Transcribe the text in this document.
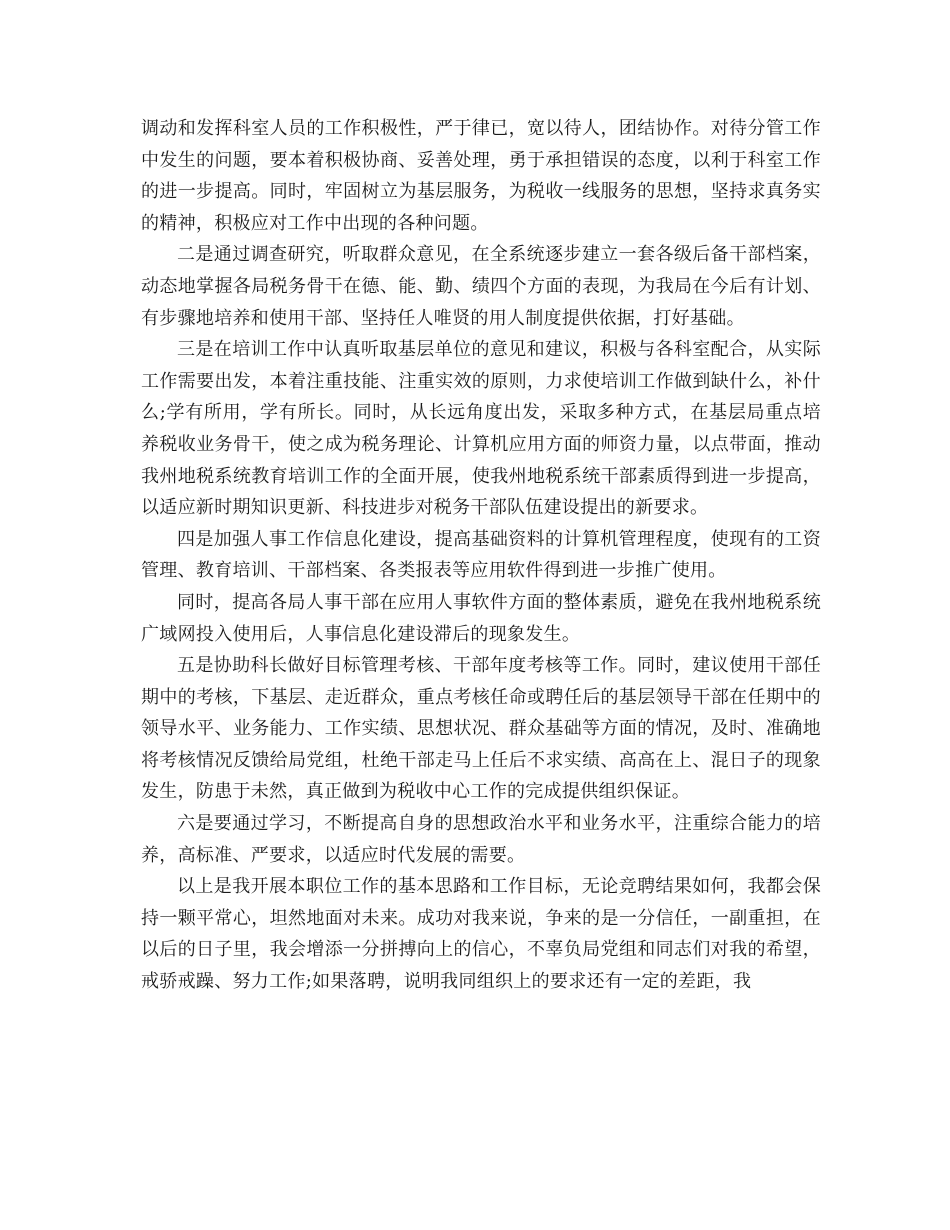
调动和发挥科室人员的工作积极性，严于律已，宽以待人，团结协作。对待分管工作中发生的问题，要本着积极协商、妥善处理，勇于承担错误的态度，以利于科室工作的进一步提高。同时，牢固树立为基层服务，为税收一线服务的思想，坚持求真务实的精神，积极应对工作中出现的各种问题。

二是通过调查研究，听取群众意见，在全系统逐步建立一套各级后备干部档案，动态地掌握各局税务骨干在德、能、勤、绩四个方面的表现，为我局在今后有计划、有步骤地培养和使用干部、坚持任人唯贤的用人制度提供依据，打好基础。

三是在培训工作中认真听取基层单位的意见和建议，积极与各科室配合，从实际工作需要出发，本着注重技能、注重实效的原则，力求使培训工作做到缺什么，补什么;学有所用，学有所长。同时，从长远角度出发，采取多种方式，在基层局重点培养税收业务骨干，使之成为税务理论、计算机应用方面的师资力量，以点带面，推动我州地税系统教育培训工作的全面开展，使我州地税系统干部素质得到进一步提高，以适应新时期知识更新、科技进步对税务干部队伍建设提出的新要求。

四是加强人事工作信息化建设，提高基础资料的计算机管理程度，使现有的工资管理、教育培训、干部档案、各类报表等应用软件得到进一步推广使用。

同时，提高各局人事干部在应用人事软件方面的整体素质，避免在我州地税系统广域网投入使用后，人事信息化建设滞后的现象发生。

五是协助科长做好目标管理考核、干部年度考核等工作。同时，建议使用干部任期中的考核，下基层、走近群众，重点考核任命或聘任后的基层领导干部在任期中的领导水平、业务能力、工作实绩、思想状况、群众基础等方面的情况，及时、准确地将考核情况反馈给局党组，杜绝干部走马上任后不求实绩、高高在上、混日子的现象发生，防患于未然，真正做到为税收中心工作的完成提供组织保证。

六是要通过学习，不断提高自身的思想政治水平和业务水平，注重综合能力的培养，高标准、严要求，以适应时代发展的需要。

以上是我开展本职位工作的基本思路和工作目标，无论竞聘结果如何，我都会保持一颗平常心，坦然地面对未来。成功对我来说，争来的是一分信任，一副重担，在以后的日子里，我会增添一分拼搏向上的信心，不辜负局党组和同志们对我的希望，戒骄戒躁、努力工作;如果落聘，说明我同组织上的要求还有一定的差距，我
